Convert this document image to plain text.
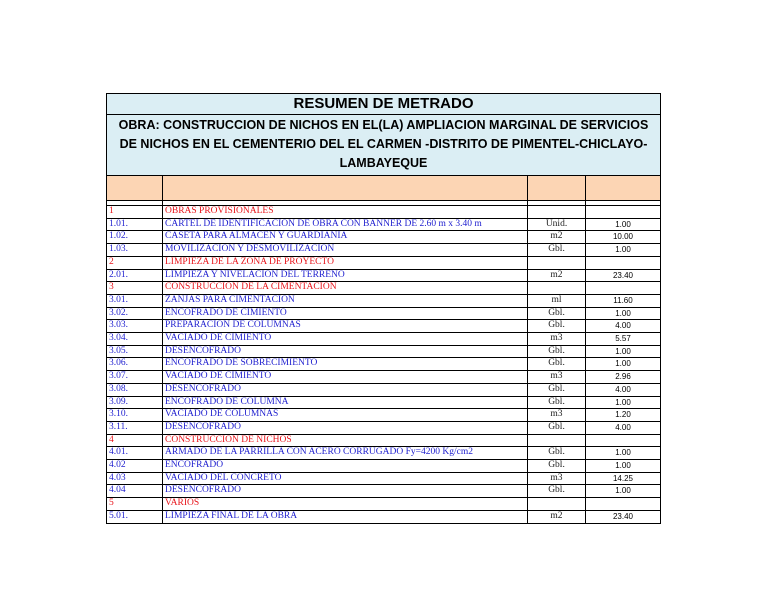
RESUMEN DE METRADO			
OBRA: CONSTRUCCION DE NICHOS EN EL(LA) AMPLIACION MARGINAL DE SERVICIOS DE NICHOS EN EL CEMENTERIO DEL EL CARMEN -DISTRITO DE PIMENTEL-CHICLAYO-LAMBAYEQUE			

1	OBRAS PROVISIONALES		
1.01.	CARTEL DE IDENTIFICACION DE OBRA CON BANNER DE 2.60 m x 3.40 m	Unid.	1.00
1.02.	CASETA PARA ALMACEN Y GUARDIANIA	m2	10.00
1.03.	MOVILIZACION Y DESMOVILIZACION	Gbl.	1.00
2	LIMPIEZA DE LA ZONA DE PROYECTO		
2.01.	LIMPIEZA Y NIVELACION DEL TERRENO	m2	23.40
3	CONSTRUCCION DE LA CIMENTACION		
3.01.	ZANJAS PARA CIMENTACION	ml	11.60
3.02.	ENCOFRADO DE CIMIENTO	Gbl.	1.00
3.03.	PREPARACION DE COLUMNAS	Gbl.	4.00
3.04.	VACIADO DE CIMIENTO	m3	5.57
3.05.	DESENCOFRADO	Gbl.	1.00
3.06.	ENCOFRADO DE SOBRECIMIENTO	Gbl.	1.00
3.07.	VACIADO DE CIMIENTO	m3	2.96
3.08.	DESENCOFRADO	Gbl.	4.00
3.09.	ENCOFRADO DE COLUMNA	Gbl.	1.00
3.10.	VACIADO DE COLUMNAS	m3	1.20
3.11.	DESENCOFRADO	Gbl.	4.00
4	CONSTRUCCION DE NICHOS		
4.01.	ARMADO DE LA PARRILLA CON ACERO CORRUGADO Fy=4200 Kg/cm2	Gbl.	1.00
4.02	ENCOFRADO	Gbl.	1.00
4.03	VACIADO DEL CONCRETO	m3	14.25
4.04	DESENCOFRADO	Gbl.	1.00
5	VARIOS		
5.01.	LIMPIEZA FINAL DE LA OBRA	m2	23.40
